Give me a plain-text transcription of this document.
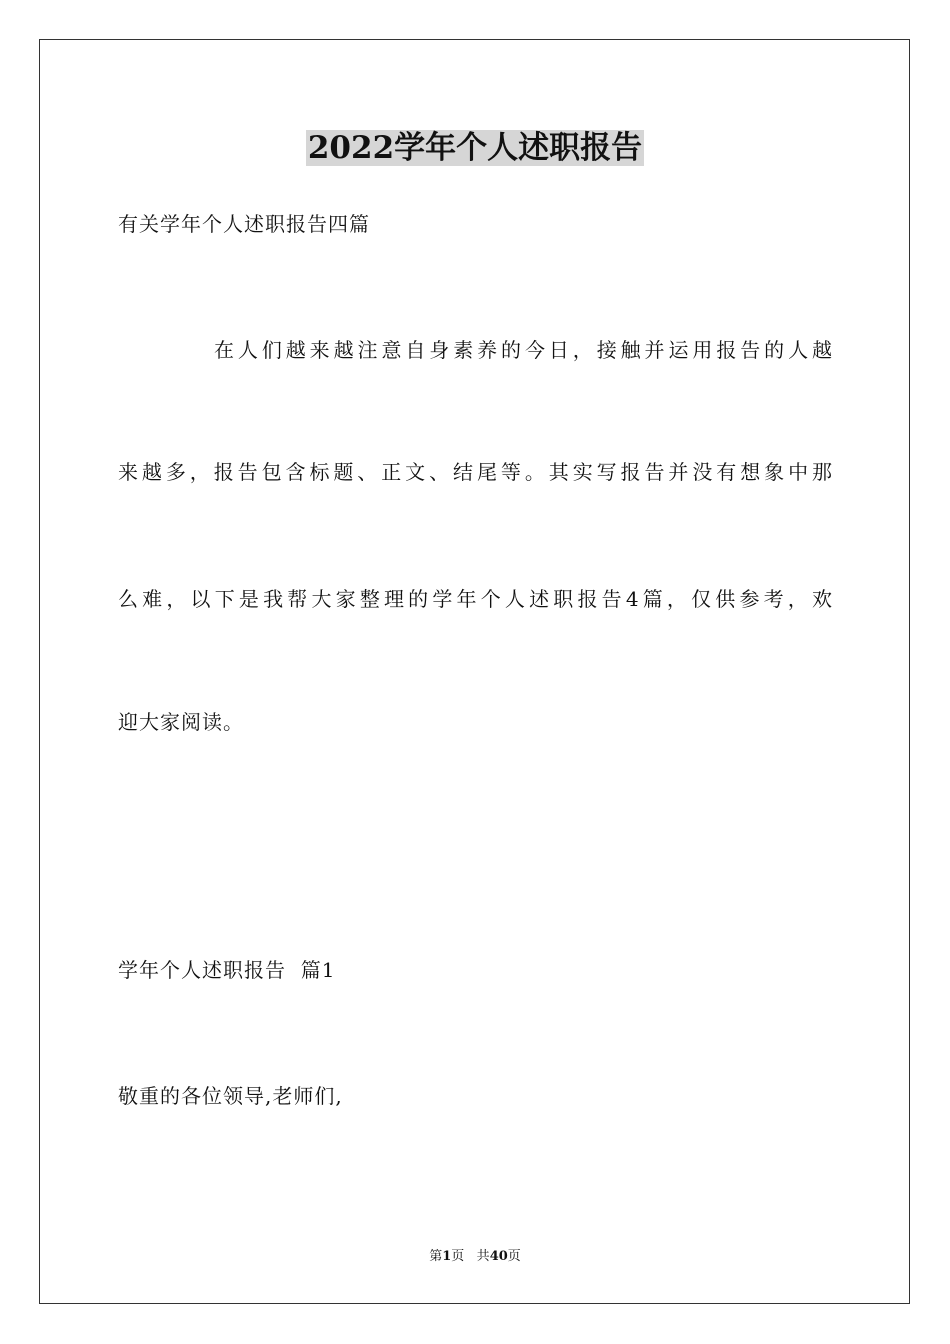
2022学年个人述职报告
有关学年个人述职报告四篇
在人们越来越注意自身素养的今日，接触并运用报告的人越
来越多，报告包含标题、正文、结尾等。其实写报告并没有想象中那
么难，以下是我帮大家整理的学年个人述职报告4篇，仅供参考，欢
迎大家阅读。
学年个人述职报告  篇1
敬重的各位领导,老师们,
第1页 共40页
